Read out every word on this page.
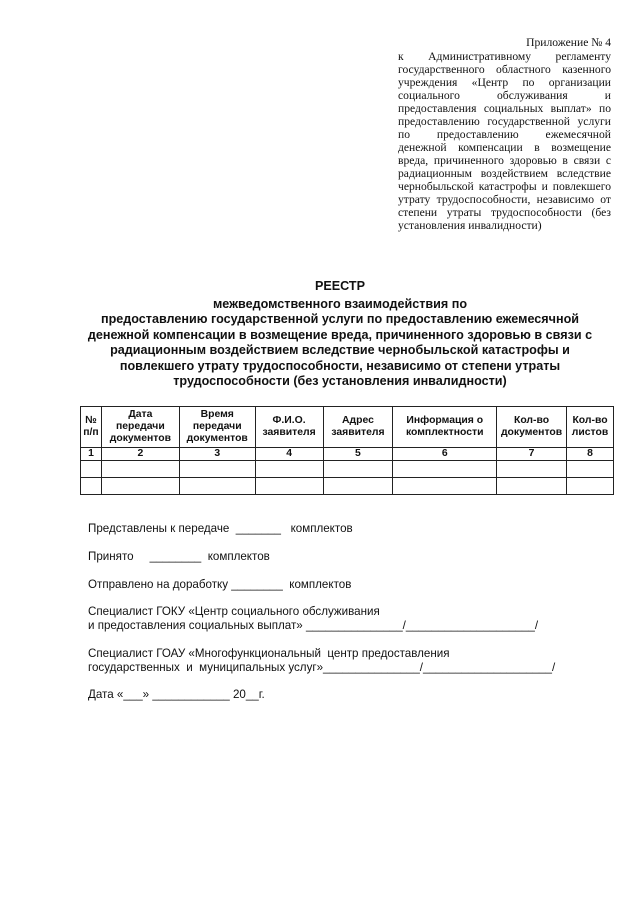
Приложение № 4
к Административному регламенту государственного областного казенного учреждения «Центр по организации социального обслуживания и предоставления социальных выплат» по предоставлению государственной услуги по предоставлению ежемесячной денежной компенсации в возмещение вреда, причиненного здоровью в связи с радиационным воздействием вследствие чернобыльской катастрофы и повлекшего утрату трудоспособности, независимо от степени утраты трудоспособности (без установления инвалидности)
РЕЕСТР
межведомственного взаимодействия по
предоставлению государственной услуги по предоставлению ежемесячной
денежной компенсации в возмещение вреда, причиненного здоровью в связи с
радиационным воздействием вследствие чернобыльской катастрофы и
повлекшего утрату трудоспособности, независимо от степени утраты
трудоспособности (без установления инвалидности)
№ п/п	Дата передачи документов	Время передачи документов	Ф.И.О. заявителя	Адрес заявителя	Информация о комплектности	Кол-во документов	Кол-во листов
1	2	3	4	5	6	7	8

Представлены к передаче  _______   комплектов
Принято     ________  комплектов
Отправлено на доработку ________  комплектов
Специалист ГОКУ «Центр социального обслуживания
и предоставления социальных выплат» _______________/____________________/
Специалист ГОАУ «Многофункциональный  центр предоставления
государственных  и  муниципальных услуг»_______________/____________________/
Дата «___» ____________ 20__г.
